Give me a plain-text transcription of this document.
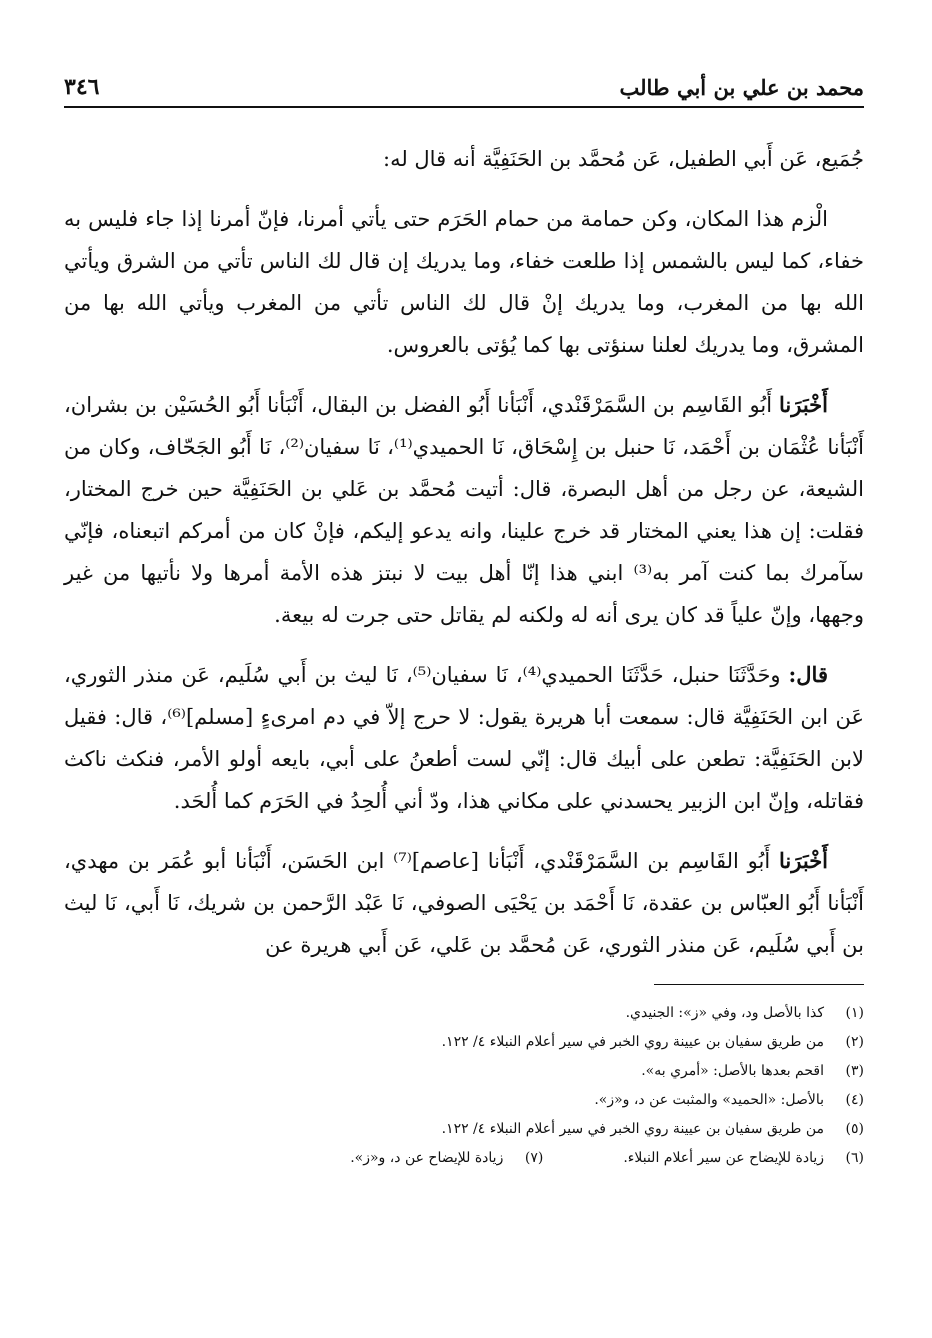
محمد بن علي بن أبي طالب
٣٤٦

جُمَيع، عَن أَبي الطفيل، عَن مُحمَّد بن الحَنَفِيَّة أنه قال له:

الْزم هذا المكان، وكن حمامة من حمام الحَرَم حتى يأتي أمرنا، فإنّ أمرنا إذا جاء فليس به خفاء، كما ليس بالشمس إذا طلعت خفاء، وما يدريك إن قال لك الناس تأتي من الشرق ويأتي الله بها من المغرب، وما يدريك إنْ قال لك الناس تأتي من المغرب ويأتي الله بها من المشرق، وما يدريك لعلنا سنؤتى بها كما يُؤتى بالعروس.

أَخْبَرَنا أَبُو القَاسِم بن السَّمَرْقَنْدي، أَنْبَأنا أَبُو الفضل بن البقال، أَنْبَأنا أَبُو الحُسَيْن بن بشران، أَنْبَأنا عُثْمَان بن أَحْمَد، نَا حنبل بن إِسْحَاق، نَا الحميدي⁽¹⁾، نَا سفيان⁽²⁾، نَا أَبُو الجَحّاف، وكان من الشيعة، عن رجل من أهل البصرة، قال: أتيت مُحمَّد بن عَلي بن الحَنَفِيَّة حين خرج المختار، فقلت: إن هذا يعني المختار قد خرج علينا، وانه يدعو إليكم، فإنْ كان من أمركم اتبعناه، فإنّي سآمرك بما كنت آمر به⁽³⁾ ابني هذا إنّا أهل بيت لا نبتز هذه الأمة أمرها ولا نأتيها من غير وجهها، وإنّ علياً قد كان يرى أنه له ولكنه لم يقاتل حتى جرت له بيعة.

قال: وحَدَّثَنَا حنبل، حَدَّثَنَا الحميدي⁽⁴⁾، نَا سفيان⁽⁵⁾، نَا ليث بن أَبي سُلَيم، عَن منذر الثوري، عَن ابن الحَنَفِيَّة قال: سمعت أبا هريرة يقول: لا حرج إلاّ في دم امرىءٍ [مسلم]⁽⁶⁾، قال: فقيل لابن الحَنَفِيَّة: تطعن على أبيك قال: إنّي لست أطعنُ على أبي، بايعه أولو الأمر، فنكث ناكث فقاتله، وإنّ ابن الزبير يحسدني على مكاني هذا، ودّ أني أُلحِدُ في الحَرَم كما أُلحَد.

أَخْبَرَنا أَبُو القَاسِم بن السَّمَرْقَنْدي، أَنْبَأنا [عاصم]⁽⁷⁾ ابن الحَسَن، أَنْبَأنا أبو عُمَر بن مهدي، أَنْبَأنا أَبُو العبّاس بن عقدة، نَا أَحْمَد بن يَحْيَى الصوفي، نَا عَبْد الرَّحمن بن شريك، نَا أَبي، نَا ليث بن أَبي سُلَيم، عَن منذر الثوري، عَن مُحمَّد بن عَلي، عَن أَبي هريرة عن

(١)
كذا بالأصل ود، وفي «ز»: الجنيدي.
(٢)
من طريق سفيان بن عيينة روي الخبر في سير أعلام النبلاء ٤/ ١٢٢.
(٣)
اقحم بعدها بالأصل: «أمري به».
(٤)
بالأصل: «الحميد» والمثبت عن د، و«ز».
(٥)
من طريق سفيان بن عيينة روي الخبر في سير أعلام النبلاء ٤/ ١٢٢.
(٦)
زيادة للإيضاح عن سير أعلام النبلاء.
(٧)
زيادة للإيضاح عن د، و«ز».
